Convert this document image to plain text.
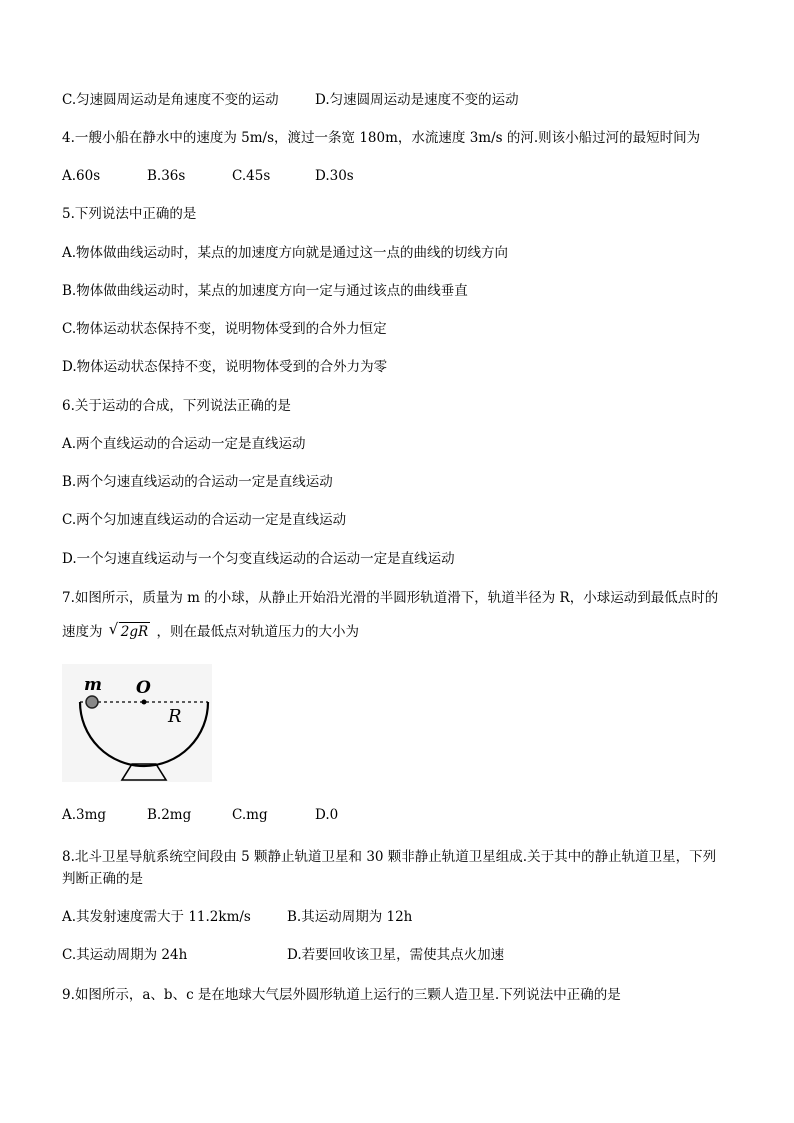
C.匀速圆周运动是角速度不变的运动	D.匀速圆周运动是速度不变的运动
4.一艘小船在静水中的速度为 5m/s，渡过一条宽 180m，水流速度 3m/s 的河.则该小船过河的最短时间为
A.60s	B.36s	C.45s	D.30s
5.下列说法中正确的是
A.物体做曲线运动时，某点的加速度方向就是通过这一点的曲线的切线方向
B.物体做曲线运动时，某点的加速度方向一定与通过该点的曲线垂直
C.物体运动状态保持不变，说明物体受到的合外力恒定
D.物体运动状态保持不变，说明物体受到的合外力为零
6.关于运动的合成，下列说法正确的是
A.两个直线运动的合运动一定是直线运动
B.两个匀速直线运动的合运动一定是直线运动
C.两个匀加速直线运动的合运动一定是直线运动
D.一个匀速直线运动与一个匀变直线运动的合运动一定是直线运动
7.如图所示，质量为 m 的小球，从静止开始沿光滑的半圆形轨道滑下，轨道半径为 R，小球运动到最低点时的
速度为 √ 2gR ，则在最低点对轨道压力的大小为
m O
R
A.3mg	B.2mg	C.mg	D.0
8.北斗卫星导航系统空间段由 5 颗静止轨道卫星和 30 颗非静止轨道卫星组成.关于其中的静止轨道卫星，下列
判断正确的是
A.其发射速度需大于 11.2km/s	B.其运动周期为 12h
C.其运动周期为 24h	D.若要回收该卫星，需使其点火加速
9.如图所示，a、b、c 是在地球大气层外圆形轨道上运行的三颗人造卫星.下列说法中正确的是
